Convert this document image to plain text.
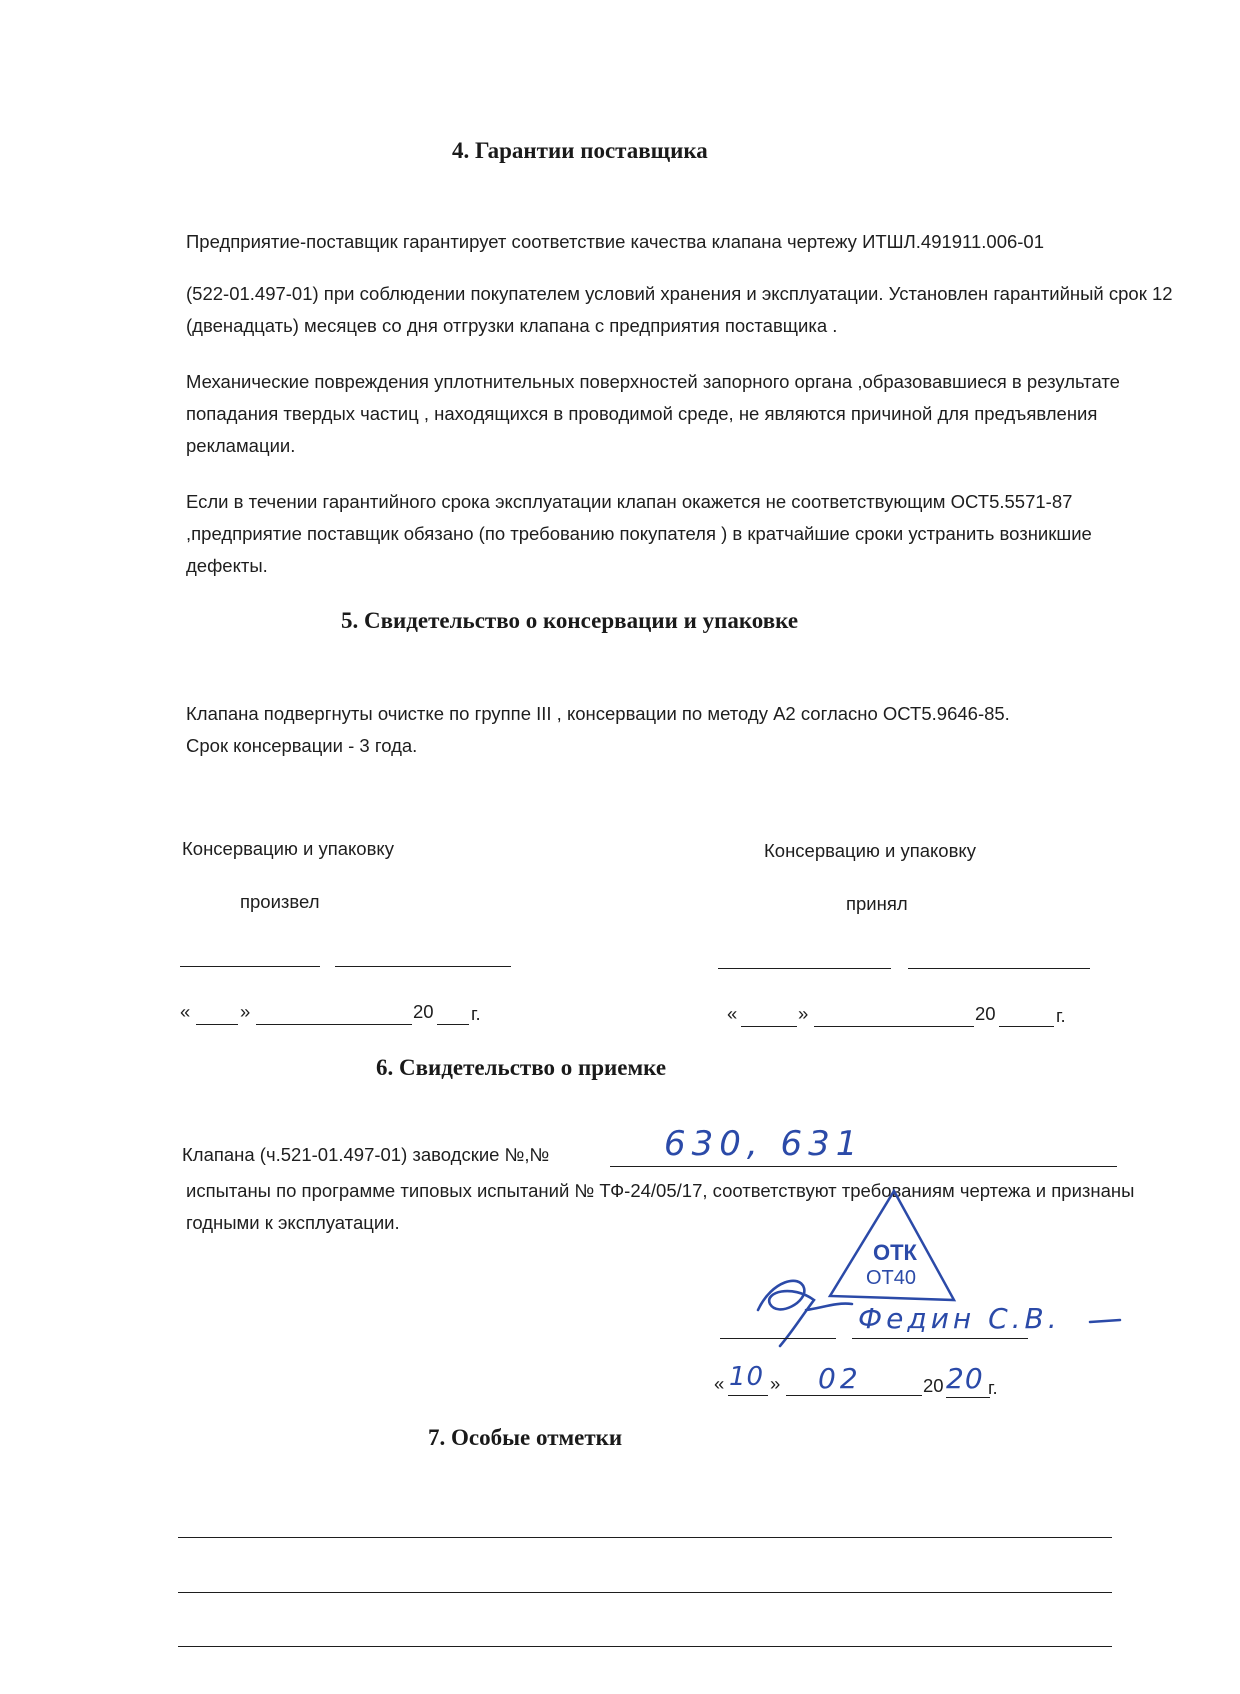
4. Гарантии поставщика

Предприятие-поставщик гарантирует соответствие качества клапана чертежу ИТШЛ.491911.006-01

(522-01.497-01) при соблюдении покупателем условий хранения и эксплуатации. Установлен гарантийный срок 12 (двенадцать) месяцев со дня отгрузки клапана с предприятия поставщика .

Механические повреждения уплотнительных поверхностей запорного органа ,образовавшиеся в результате попадания твердых частиц , находящихся в проводимой среде, не являются причиной для предъявления рекламации.

Если в течении гарантийного срока эксплуатации клапан окажется не соответствующим ОСТ5.5571-87 ,предприятие поставщик обязано (по требованию покупателя ) в кратчайшие сроки устранить возникшие дефекты.

5. Свидетельство о консервации и упаковке

Клапана подвергнуты очистке по группе III , консервации по методу А2 согласно ОСТ5.9646-85.

Срок консервации - 3 года.

Консервацию и упаковку
произвел
Консервацию и упаковку
принял
«	»	20 г.	«	»	20	г.
6. Свидетельство о приемке
Клапана (ч.521-01.497-01) заводские №,№	630, 631

испытаны по программе типовых испытаний № ТФ-24/05/17, соответствуют требованиям чертежа и признаны годными к эксплуатации.

ОТК
ОТ40
Федин С.В.
« 10 » 02	20 20 г.
7. Особые отметки
